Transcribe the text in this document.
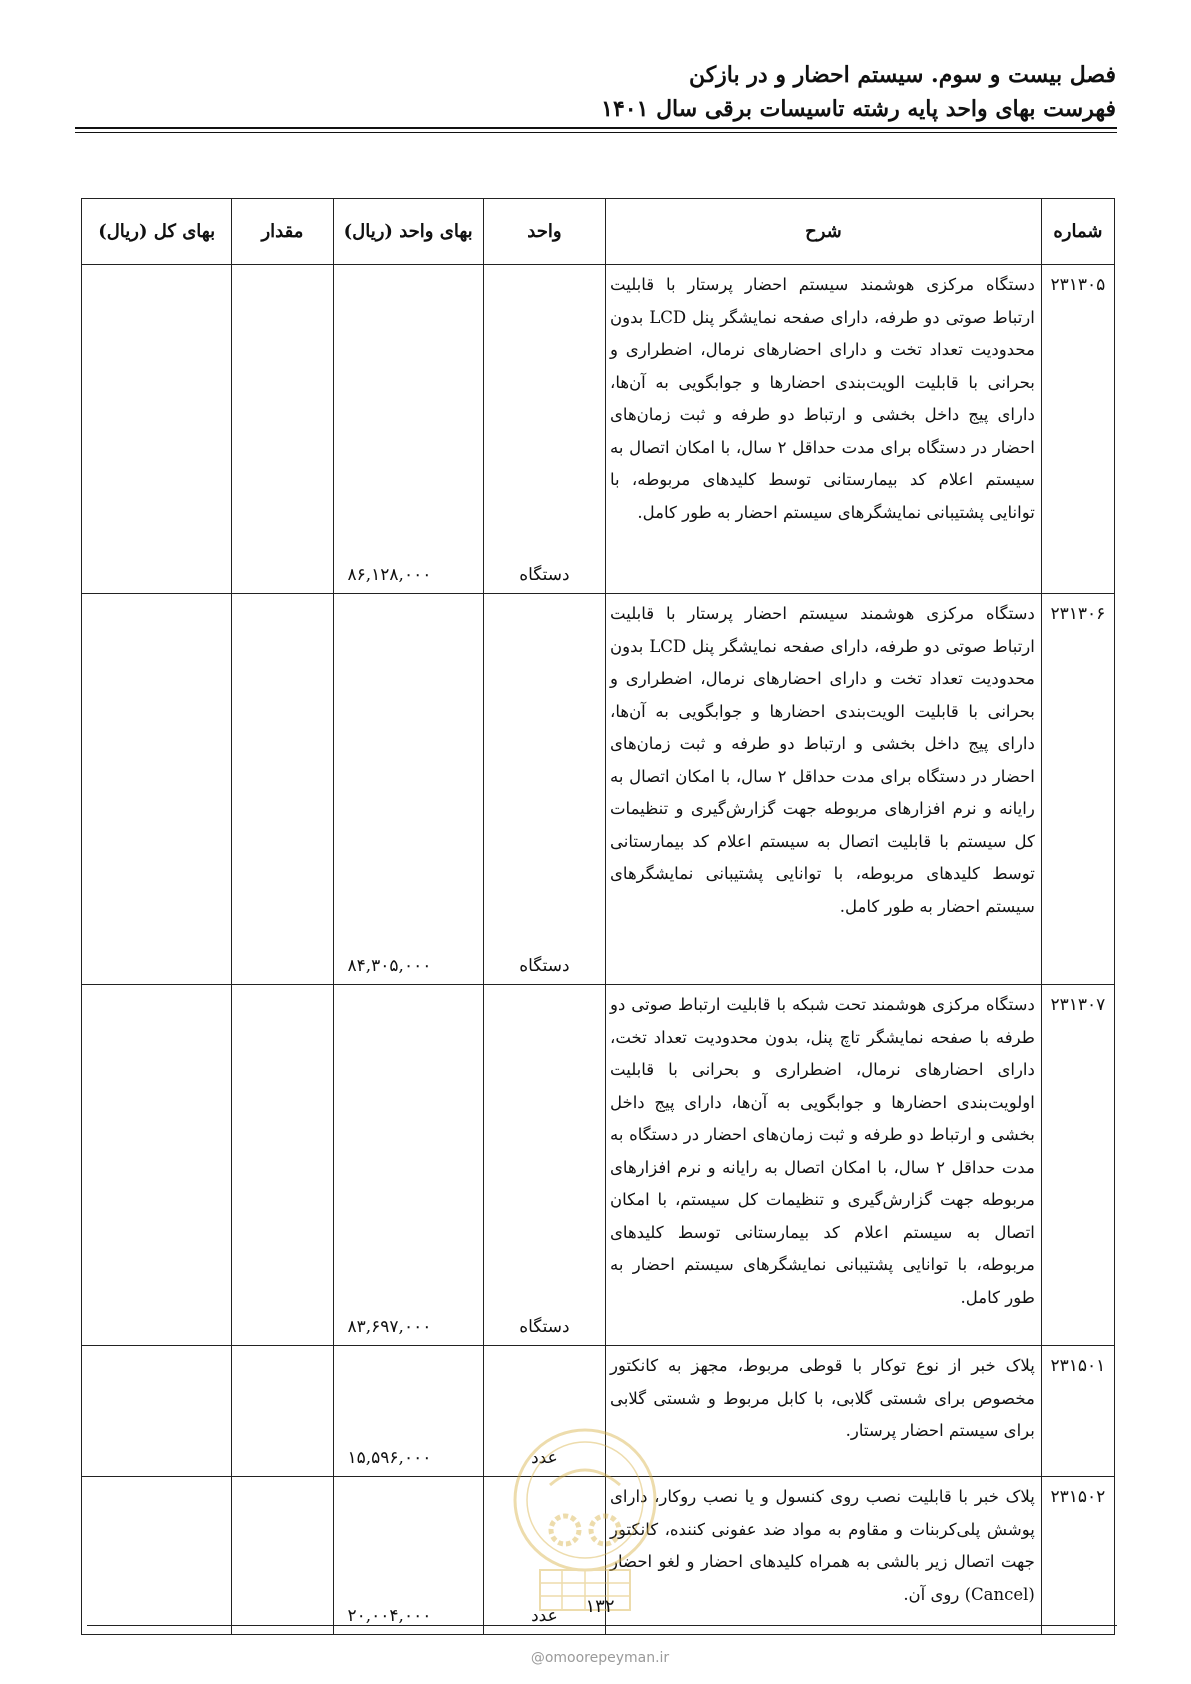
فصل بیست و سوم. سیستم احضار و در بازکن
فهرست بهای واحد پایه رشته تاسیسات برقی سال ۱۴۰۱
شماره	شرح	واحد	بهای واحد (ریال)	مقدار	بهای کل (ریال)
۲۳۱۳۰۵	دستگاه مرکزی هوشمند سیستم احضار پرستار با قابلیت ارتباط صوتی دو طرفه، دارای صفحه نمایشگر پنل LCD بدون محدودیت تعداد تخت و دارای احضارهای نرمال، اضطراری و بحرانی با قابلیت الویت‌بندی احضارها و جوابگویی به آن‌ها، دارای پیج داخل بخشی و ارتباط دو طرفه و ثبت زمان‌های احضار در دستگاه برای مدت حداقل ۲ سال، با امکان اتصال به سیستم اعلام کد بیمارستانی توسط کلیدهای مربوطه، با توانایی پشتیبانی نمایشگرهای سیستم احضار به طور کامل.	دستگاه	۸۶,۱۲۸,۰۰۰		
۲۳۱۳۰۶	دستگاه مرکزی هوشمند سیستم احضار پرستار با قابلیت ارتباط صوتی دو طرفه، دارای صفحه نمایشگر پنل LCD بدون محدودیت تعداد تخت و دارای احضارهای نرمال، اضطراری و بحرانی با قابلیت الویت‌بندی احضارها و جوابگویی به آن‌ها، دارای پیج داخل بخشی و ارتباط دو طرفه و ثبت زمان‌های احضار در دستگاه برای مدت حداقل ۲ سال، با امکان اتصال به رایانه و نرم افزارهای مربوطه جهت گزارش‌گیری و تنظیمات کل سیستم با قابلیت اتصال به سیستم اعلام کد بیمارستانی توسط کلیدهای مربوطه، با توانایی پشتیبانی نمایشگرهای سیستم احضار به طور کامل.	دستگاه	۸۴,۳۰۵,۰۰۰		
۲۳۱۳۰۷	دستگاه مرکزی هوشمند تحت شبکه با قابلیت ارتباط صوتی دو طرفه با صفحه نمایشگر تاچ پنل، بدون محدودیت تعداد تخت، دارای احضارهای نرمال، اضطراری و بحرانی با قابلیت اولویت‌بندی احضارها و جوابگویی به آن‌ها، دارای پیج داخل بخشی و ارتباط دو طرفه و ثبت زمان‌های احضار در دستگاه به مدت حداقل ۲ سال، با امکان اتصال به رایانه و نرم افزارهای مربوطه جهت گزارش‌گیری و تنظیمات کل سیستم، با امکان اتصال به سیستم اعلام کد بیمارستانی توسط کلیدهای مربوطه، با توانایی پشتیبانی نمایشگرهای سیستم احضار به طور کامل.	دستگاه	۸۳,۶۹۷,۰۰۰		
۲۳۱۵۰۱	پلاک خبر از نوع توکار با قوطی مربوط، مجهز به کانکتور مخصوص برای شستی گلابی، با کابل مربوط و شستی گلابی برای سیستم احضار پرستار.	عدد	۱۵,۵۹۶,۰۰۰		
۲۳۱۵۰۲	پلاک خبر با قابلیت نصب روی کنسول و یا نصب روکار، دارای پوشش پلی‌کربنات و مقاوم به مواد ضد عفونی کننده، کانکتور جهت اتصال زیر بالشی به همراه کلیدهای احضار و لغو احضار (Cancel) روی آن.	عدد	۲۰,۰۰۴,۰۰۰			۱۳۲
@omoorepeyman.ir
